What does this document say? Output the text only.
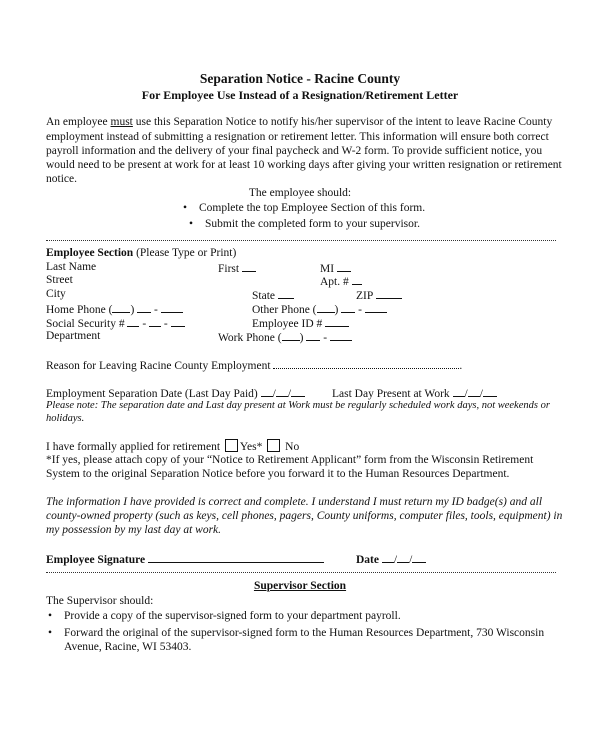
Separation Notice - Racine County
For Employee Use Instead of a Resignation/Retirement Letter
An employee must use this Separation Notice to notify his/her supervisor of the intent to leave Racine County
employment instead of submitting a resignation or retirement letter. This information will ensure both correct
payroll information and the delivery of your final paycheck and W-2 form. To provide sufficient notice, you
would need to be present at work for at least 10 working days after giving your written resignation or retirement
notice.
The employee should:
• Complete the top Employee Section of this form.
• Submit the completed form to your supervisor.
Employee Section (Please Type or Print)
Last Name	First	MI
Street	Apt. #
City	State	ZIP
Home Phone ( )  -	Other Phone ( )  -
Social Security #  -  -	Employee ID #
Department	Work Phone ( )  -
Reason for Leaving Racine County Employment	.
Employment Separation Date (Last Day Paid) / /	Last Day Present at Work / /
Please note: The separation date and Last day present at Work must be regularly scheduled work days, not weekends or
holidays.
I have formally applied for retirement Yes* No
*If yes, please attach copy of your “Notice to Retirement Applicant” form from the Wisconsin Retirement
System to the original Separation Notice before you forward it to the Human Resources Department.
The information I have provided is correct and complete. I understand I must return my ID badge(s) and all
county-owned property (such as keys, cell phones, pagers, County uniforms, computer files, tools, equipment) in
my possession by my last day at work.
Employee Signature	Date / /
Supervisor Section
The Supervisor should:
• Provide a copy of the supervisor-signed form to your department payroll.
• Forward the original of the supervisor-signed form to the Human Resources Department, 730 Wisconsin
Avenue, Racine, WI 53403.
